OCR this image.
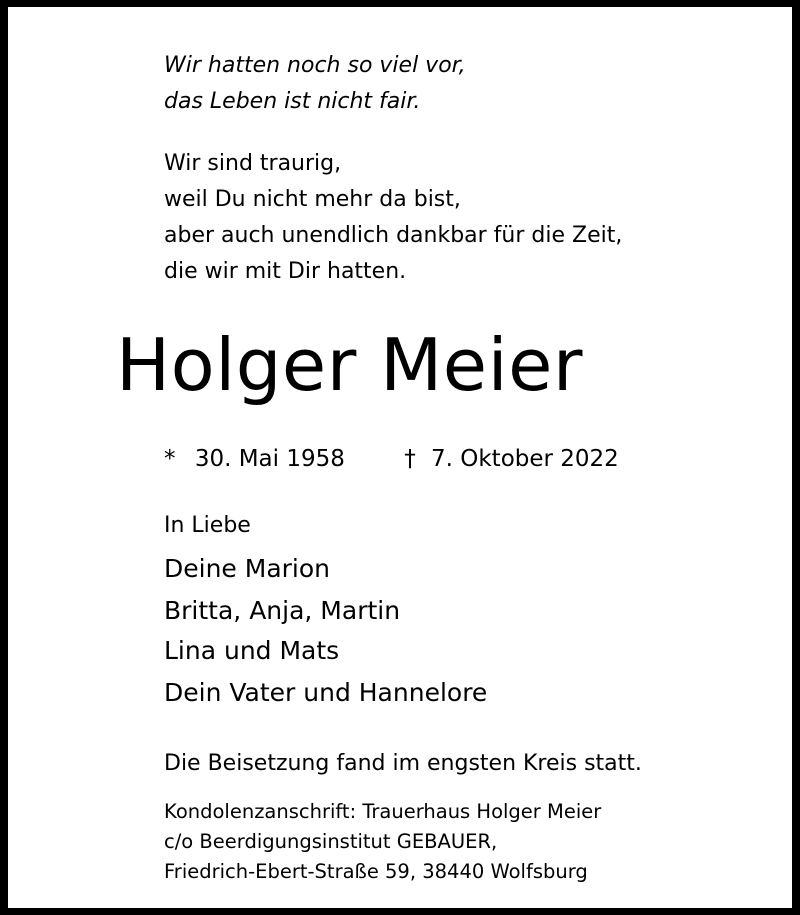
Wir hatten noch so viel vor,
das Leben ist nicht fair.
Wir sind traurig,
weil Du nicht mehr da bist,
aber auch unendlich dankbar für die Zeit,
die wir mit Dir hatten.
* 30. Mai 1958	† 7. Oktober 2022
In Liebe
Deine Marion
Britta, Anja, Martin
Lina und Mats
Dein Vater und Hannelore
Die Beisetzung fand im engsten Kreis statt.
Kondolenzanschrift: Trauerhaus Holger Meier
c/o Beerdigungsinstitut GEBAUER,
Friedrich-Ebert-Straße 59, 38440 Wolfsburg
Holger Meier
